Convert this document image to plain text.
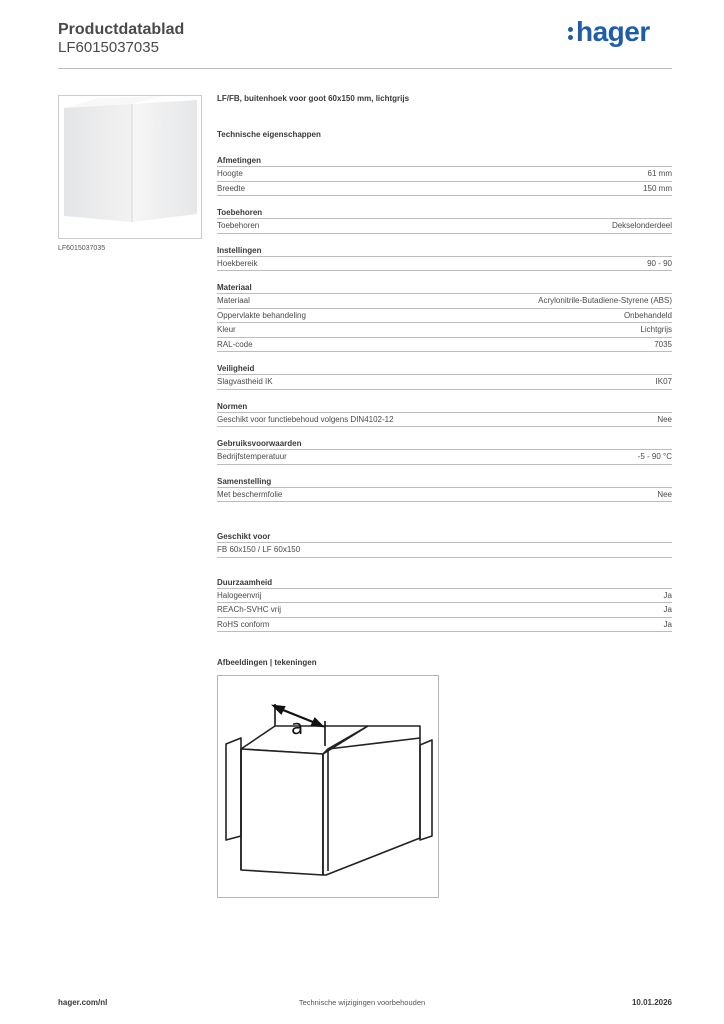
Productdatablad
LF6015037035
hager
LF6015037035
LF/FB, buitenhoek voor goot 60x150 mm, lichtgrijs
Technische eigenschappen
Afmetingen
Hoogte	61 mm
Breedte	150 mm
Toebehoren
Toebehoren	Dekselonderdeel
Instellingen
Hoekbereik	90 - 90
Materiaal
Materiaal	Acrylonitrile-Butadiene-Styrene (ABS)
Oppervlakte behandeling	Onbehandeld
Kleur	Lichtgrijs
RAL-code	7035
Veiligheid
Slagvastheid IK	IK07
Normen
Geschikt voor functiebehoud volgens DIN4102-12	Nee
Gebruiksvoorwaarden
Bedrijfstemperatuur	-5 - 90 °C
Samenstelling
Met beschermfolie	Nee
Geschikt voor
FB 60x150 / LF 60x150
Duurzaamheid
Halogeenvrij	Ja
REACh-SVHC vrij	Ja
RoHS conform	Ja
Afbeeldingen | tekeningen
a
hager.com/nl	Technische wijzigingen voorbehouden	10.01.2026
